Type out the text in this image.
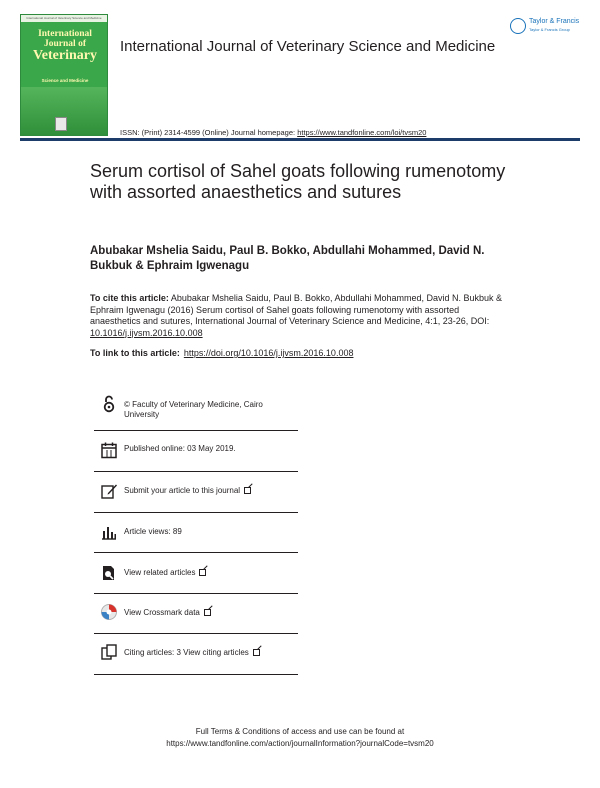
International Journal of Veterinary Science and Medicine
International
Journal of
Veterinary
Science and Medicine
International Journal of Veterinary Science and Medicine
Taylor & Francis
Taylor & Francis Group
ISSN: (Print) 2314-4599 (Online) Journal homepage: https://www.tandfonline.com/loi/tvsm20
Serum cortisol of Sahel goats following rumenotomy with assorted anaesthetics and sutures
Abubakar Mshelia Saidu, Paul B. Bokko, Abdullahi Mohammed, David N. Bukbuk & Ephraim Igwenagu
To cite this article: Abubakar Mshelia Saidu, Paul B. Bokko, Abdullahi Mohammed, David N. Bukbuk & Ephraim Igwenagu (2016) Serum cortisol of Sahel goats following rumenotomy with assorted anaesthetics and sutures, International Journal of Veterinary Science and Medicine, 4:1, 23-26, DOI: 10.1016/j.ijvsm.2016.10.008
To link to this article: https://doi.org/10.1016/j.ijvsm.2016.10.008
© Faculty of Veterinary Medicine, Cairo University
Published online: 03 May 2019.
Submit your article to this journal
Article views: 89
View related articles
View Crossmark data
Citing articles: 3 View citing articles
Full Terms & Conditions of access and use can be found at
https://www.tandfonline.com/action/journalInformation?journalCode=tvsm20
